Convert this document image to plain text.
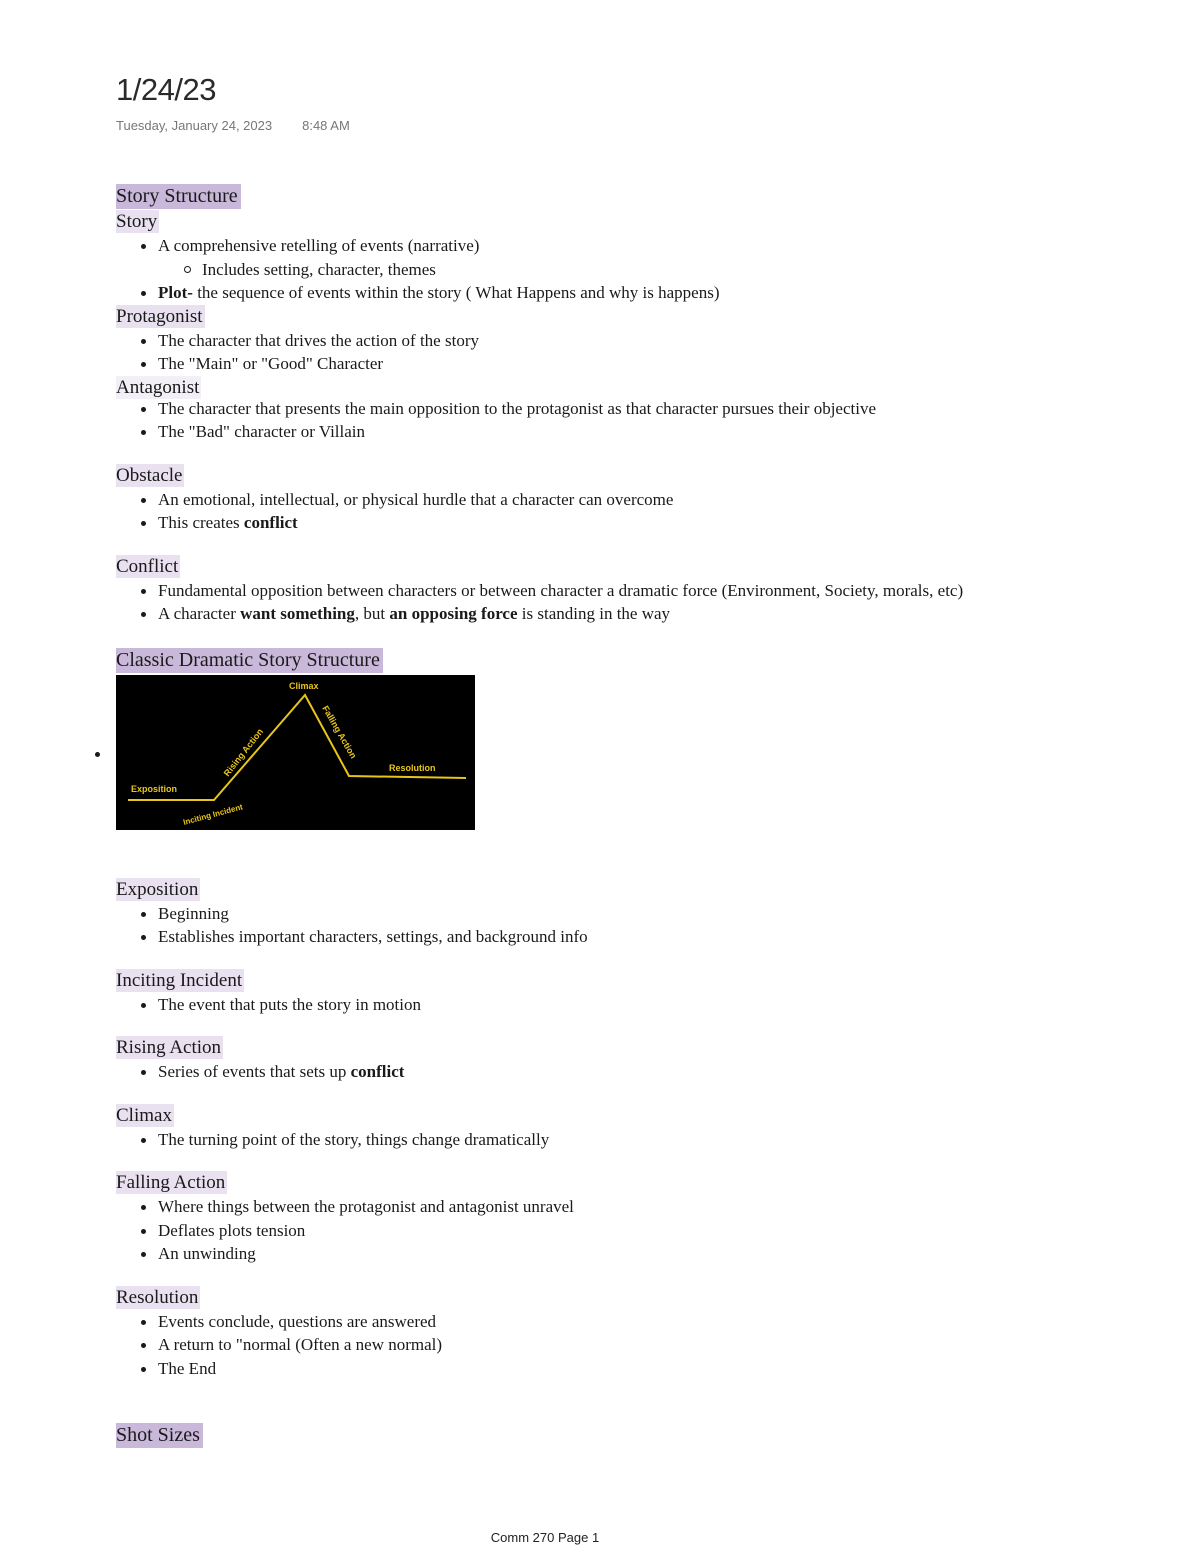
1/24/23
Tuesday, January 24, 2023 8:48 AM
Story Structure
Story
A comprehensive retelling of events (narrative)
Includes setting, character, themes
Plot- the sequence of events within the story ( What Happens and why is happens)
Protagonist
The character that drives the action of the story
The "Main" or "Good" Character
Antagonist
The character that presents the main opposition to the protagonist as that character pursues their objective
The "Bad" character or Villain
Obstacle
An emotional, intellectual, or physical hurdle that a character can overcome
This creates conflict
Conflict
Fundamental opposition between characters or between character a dramatic force (Environment, Society, morals, etc)
A character want something, but an opposing force is standing in the way
Classic Dramatic Story Structure
Climax
Rising Action	Falling Action
Exposition
Inciting Incident
Resolution
Exposition
Beginning
Establishes important characters, settings, and background info
Inciting Incident
The event that puts the story in motion
Rising Action
Series of events that sets up conflict
Climax
The turning point of the story, things change dramatically
Falling Action
Where things between the protagonist and antagonist unravel
Deflates plots tension
An unwinding
Resolution
Events conclude, questions are answered
A return to "normal (Often a new normal)
The End
Shot Sizes
Comm 270 Page 1
